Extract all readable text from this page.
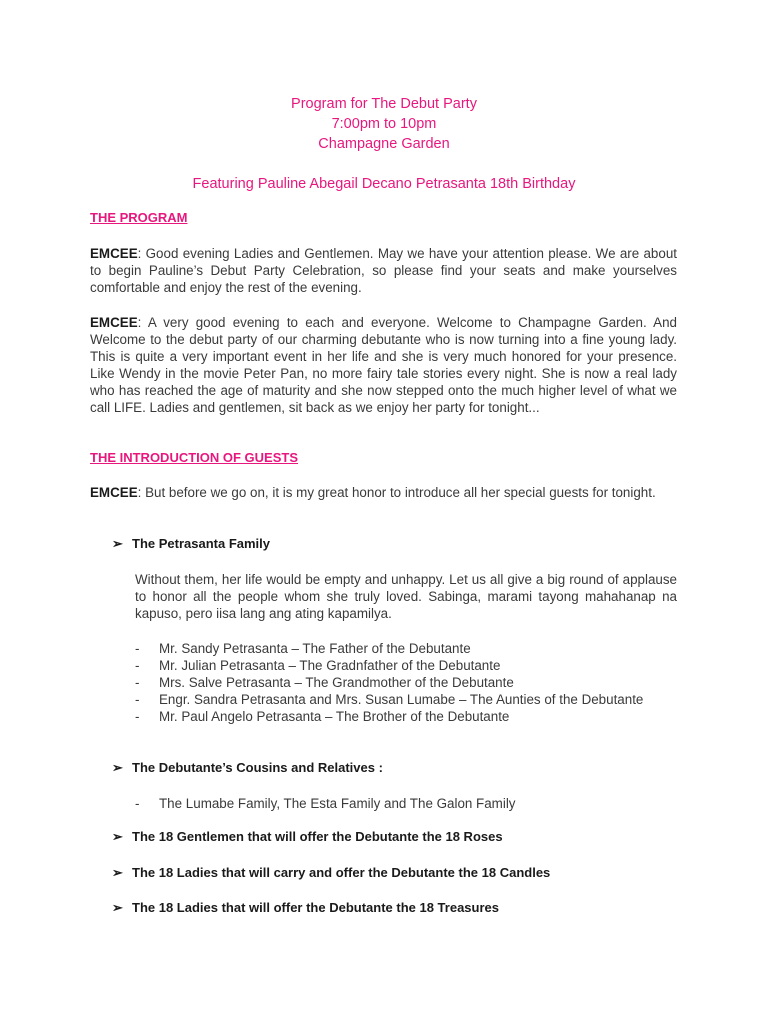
Program for The Debut Party
7:00pm to 10pm
Champagne Garden
Featuring Pauline Abegail Decano Petrasanta 18th Birthday
THE PROGRAM

EMCEE: Good evening Ladies and Gentlemen. May we have your attention please. We are about to begin Pauline’s Debut Party Celebration, so please find your seats and make yourselves comfortable and enjoy the rest of the evening.

EMCEE: A very good evening to each and everyone. Welcome to Champagne Garden. And Welcome to the debut party of our charming debutante who is now turning into a fine young lady. This is quite a very important event in her life and she is very much honored for your presence. Like Wendy in the movie Peter Pan, no more fairy tale stories every night. She is now a real lady who has reached the age of maturity and she now stepped onto the much higher level of what we call LIFE. Ladies and gentlemen, sit back as we enjoy her party for tonight...

THE INTRODUCTION OF GUESTS

EMCEE: But before we go on, it is my great honor to introduce all her special guests for tonight.

➢ The Petrasanta Family

Without them, her life would be empty and unhappy. Let us all give a big round of applause to honor all the people whom she truly loved. Sabinga, marami tayong mahahanap na kapuso, pero iisa lang ang ating kapamilya.

- Mr. Sandy Petrasanta – The Father of the Debutante
- Mr. Julian Petrasanta – The Gradnfather of the Debutante
- Mrs. Salve Petrasanta – The Grandmother of the Debutante
- Engr. Sandra Petrasanta and Mrs. Susan Lumabe – The Aunties of the Debutante
- Mr. Paul Angelo Petrasanta – The Brother of the Debutante
➢ The Debutante’s Cousins and Relatives :
- The Lumabe Family, The Esta Family and The Galon Family
➢ The 18 Gentlemen that will offer the Debutante the 18 Roses
➢ The 18 Ladies that will carry and offer the Debutante the 18 Candles
➢ The 18 Ladies that will offer the Debutante the 18 Treasures
